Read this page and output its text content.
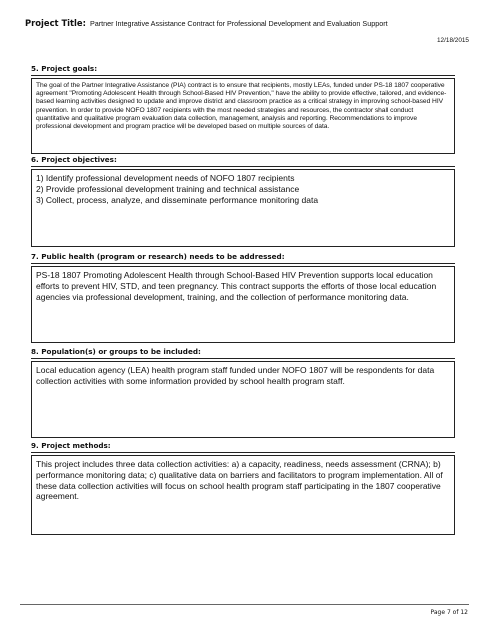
Project Title: Partner Integrative Assistance Contract for Professional Development and Evaluation Support
12/18/2015
5. Project goals:
The goal of the Partner Integrative Assistance (PIA) contract is to ensure that recipients, mostly LEAs, funded under PS-18 1807 cooperative agreement "Promoting Adolescent Health through School-Based HIV Prevention," have the ability to provide effective, tailored, and evidence-based learning activities designed to update and improve district and classroom practice as a critical strategy in improving school-based HIV prevention. In order to provide NOFO 1807 recipients with the most needed strategies and resources, the contractor shall conduct quantitative and qualitative program evaluation data collection, management, analysis and reporting. Recommendations to improve professional development and program practice will be developed based on multiple sources of data.
6. Project objectives:
1) Identify professional development needs of NOFO 1807 recipients
2) Provide professional development training and technical assistance
3) Collect, process, analyze, and disseminate performance monitoring data
7. Public health (program or research) needs to be addressed:
PS-18 1807 Promoting Adolescent Health through School-Based HIV Prevention supports local education efforts to prevent HIV, STD, and teen pregnancy. This contract supports the efforts of those local education agencies via professional development, training, and the collection of performance monitoring data.
8. Population(s) or groups to be included:
Local education agency (LEA) health program staff funded under NOFO 1807 will be respondents for data collection activities with some information provided by school health program staff.
9. Project methods:
This project includes three data collection activities: a) a capacity, readiness, needs assessment (CRNA); b) performance monitoring data; c) qualitative data on barriers and facilitators to program implementation. All of these data collection activities will focus on school health program staff participating in the 1807 cooperative agreement.
Page 7 of 12
